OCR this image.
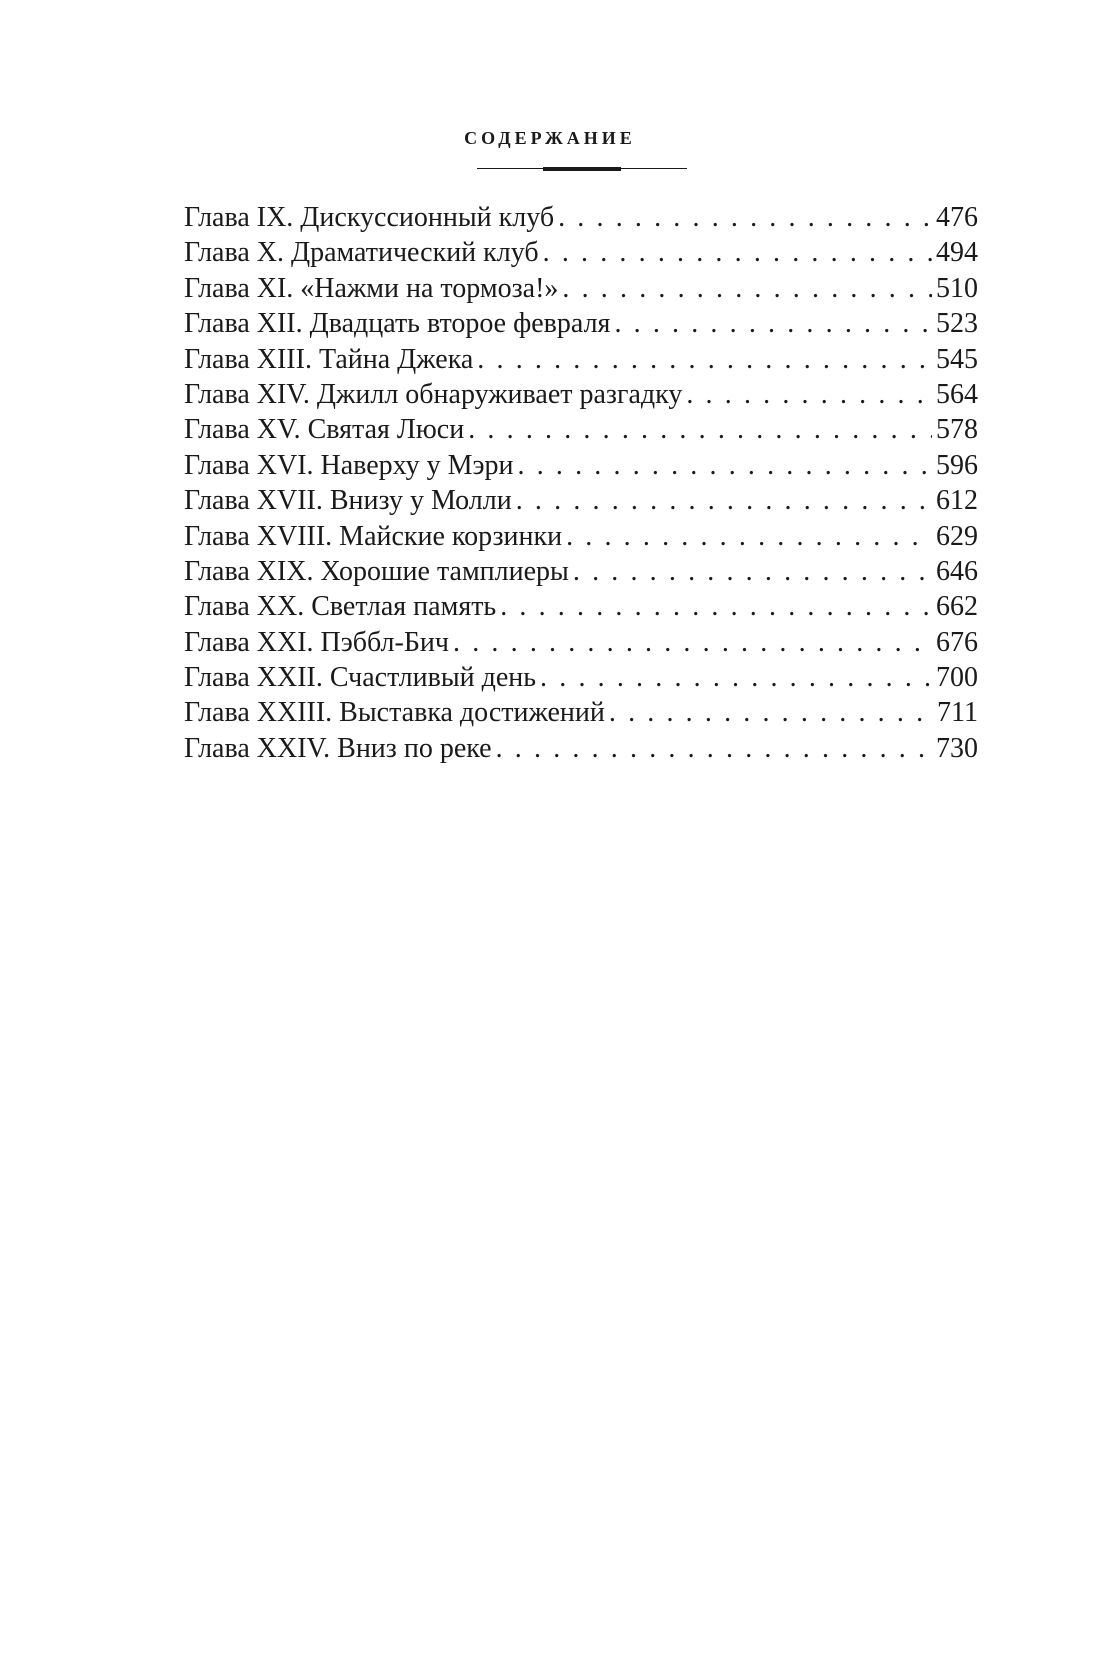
СОДЕРЖАНИЕ
Глава IX. Дискуссионный клуб . . .	476
Глава X. Драматический клуб . . .	494
Глава XI. «Нажми на тормоза!» . . .	510
Глава XII. Двадцать второе февраля . . .	523
Глава XIII. Тайна Джека . . .	545
Глава XIV. Джилл обнаруживает разгадку . . .	564
Глава XV. Святая Люси . . .	578
Глава XVI. Наверху у Мэри . . .	596
Глава XVII. Внизу у Молли . . .	612
Глава XVIII. Майские корзинки . . .	629
Глава XIX. Хорошие тамплиеры . . .	646
Глава XX. Светлая память . . .	662
Глава XXI. Пэббл-Бич . . .	676
Глава XXII. Счастливый день . . .	700
Глава XXIII. Выставка достижений . . .	711
Глава XXIV. Вниз по реке . . .	730
